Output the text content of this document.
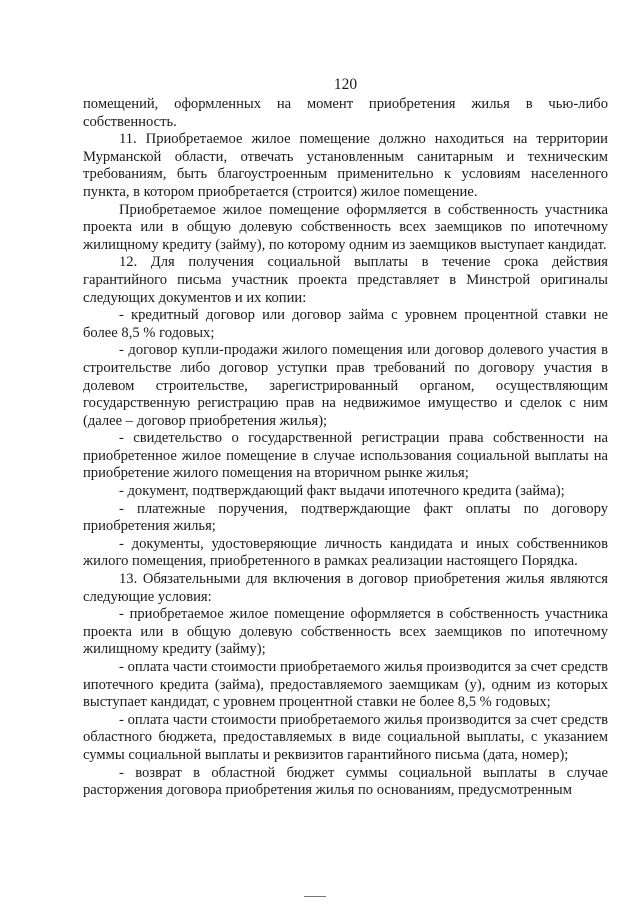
120

помещений, оформленных на момент приобретения жилья в чью-либо собственность.

11. Приобретаемое жилое помещение должно находиться на территории Мурманской области, отвечать установленным санитарным и техническим требованиям, быть благоустроенным применительно к условиям населенного пункта, в котором приобретается (строится) жилое помещение.

Приобретаемое жилое помещение оформляется в собственность участника проекта или в общую долевую собственность всех заемщиков по ипотечному жилищному кредиту (займу), по которому одним из заемщиков выступает кандидат.

12. Для получения социальной выплаты в течение срока действия гарантийного письма участник проекта представляет в Минстрой оригиналы следующих документов и их копии:

- кредитный договор или договор займа с уровнем процентной ставки не более 8,5 % годовых;

- договор купли-продажи жилого помещения или договор долевого участия в строительстве либо договор уступки прав требований по договору участия в долевом строительстве, зарегистрированный органом, осуществляющим государственную регистрацию прав на недвижимое имущество и сделок с ним (далее – договор приобретения жилья);

- свидетельство о государственной регистрации права собственности на приобретенное жилое помещение в случае использования социальной выплаты на приобретение жилого помещения на вторичном рынке жилья;

- документ, подтверждающий факт выдачи ипотечного кредита (займа);

- платежные поручения, подтверждающие факт оплаты по договору приобретения жилья;

- документы, удостоверяющие личность кандидата и иных собственников жилого помещения, приобретенного в рамках реализации настоящего Порядка.

13. Обязательными для включения в договор приобретения жилья являются следующие условия:

- приобретаемое жилое помещение оформляется в собственность участника проекта или в общую долевую собственность всех заемщиков по ипотечному жилищному кредиту (займу);

- оплата части стоимости приобретаемого жилья производится за счет средств ипотечного кредита (займа), предоставляемого заемщикам (у), одним из которых выступает кандидат, с уровнем процентной ставки не более 8,5 % годовых;

- оплата части стоимости приобретаемого жилья производится за счет средств областного бюджета, предоставляемых в виде социальной выплаты, с указанием суммы социальной выплаты и реквизитов гарантийного письма (дата, номер);

- возврат в областной бюджет суммы социальной выплаты в случае расторжения договора приобретения жилья по основаниям, предусмотренным
